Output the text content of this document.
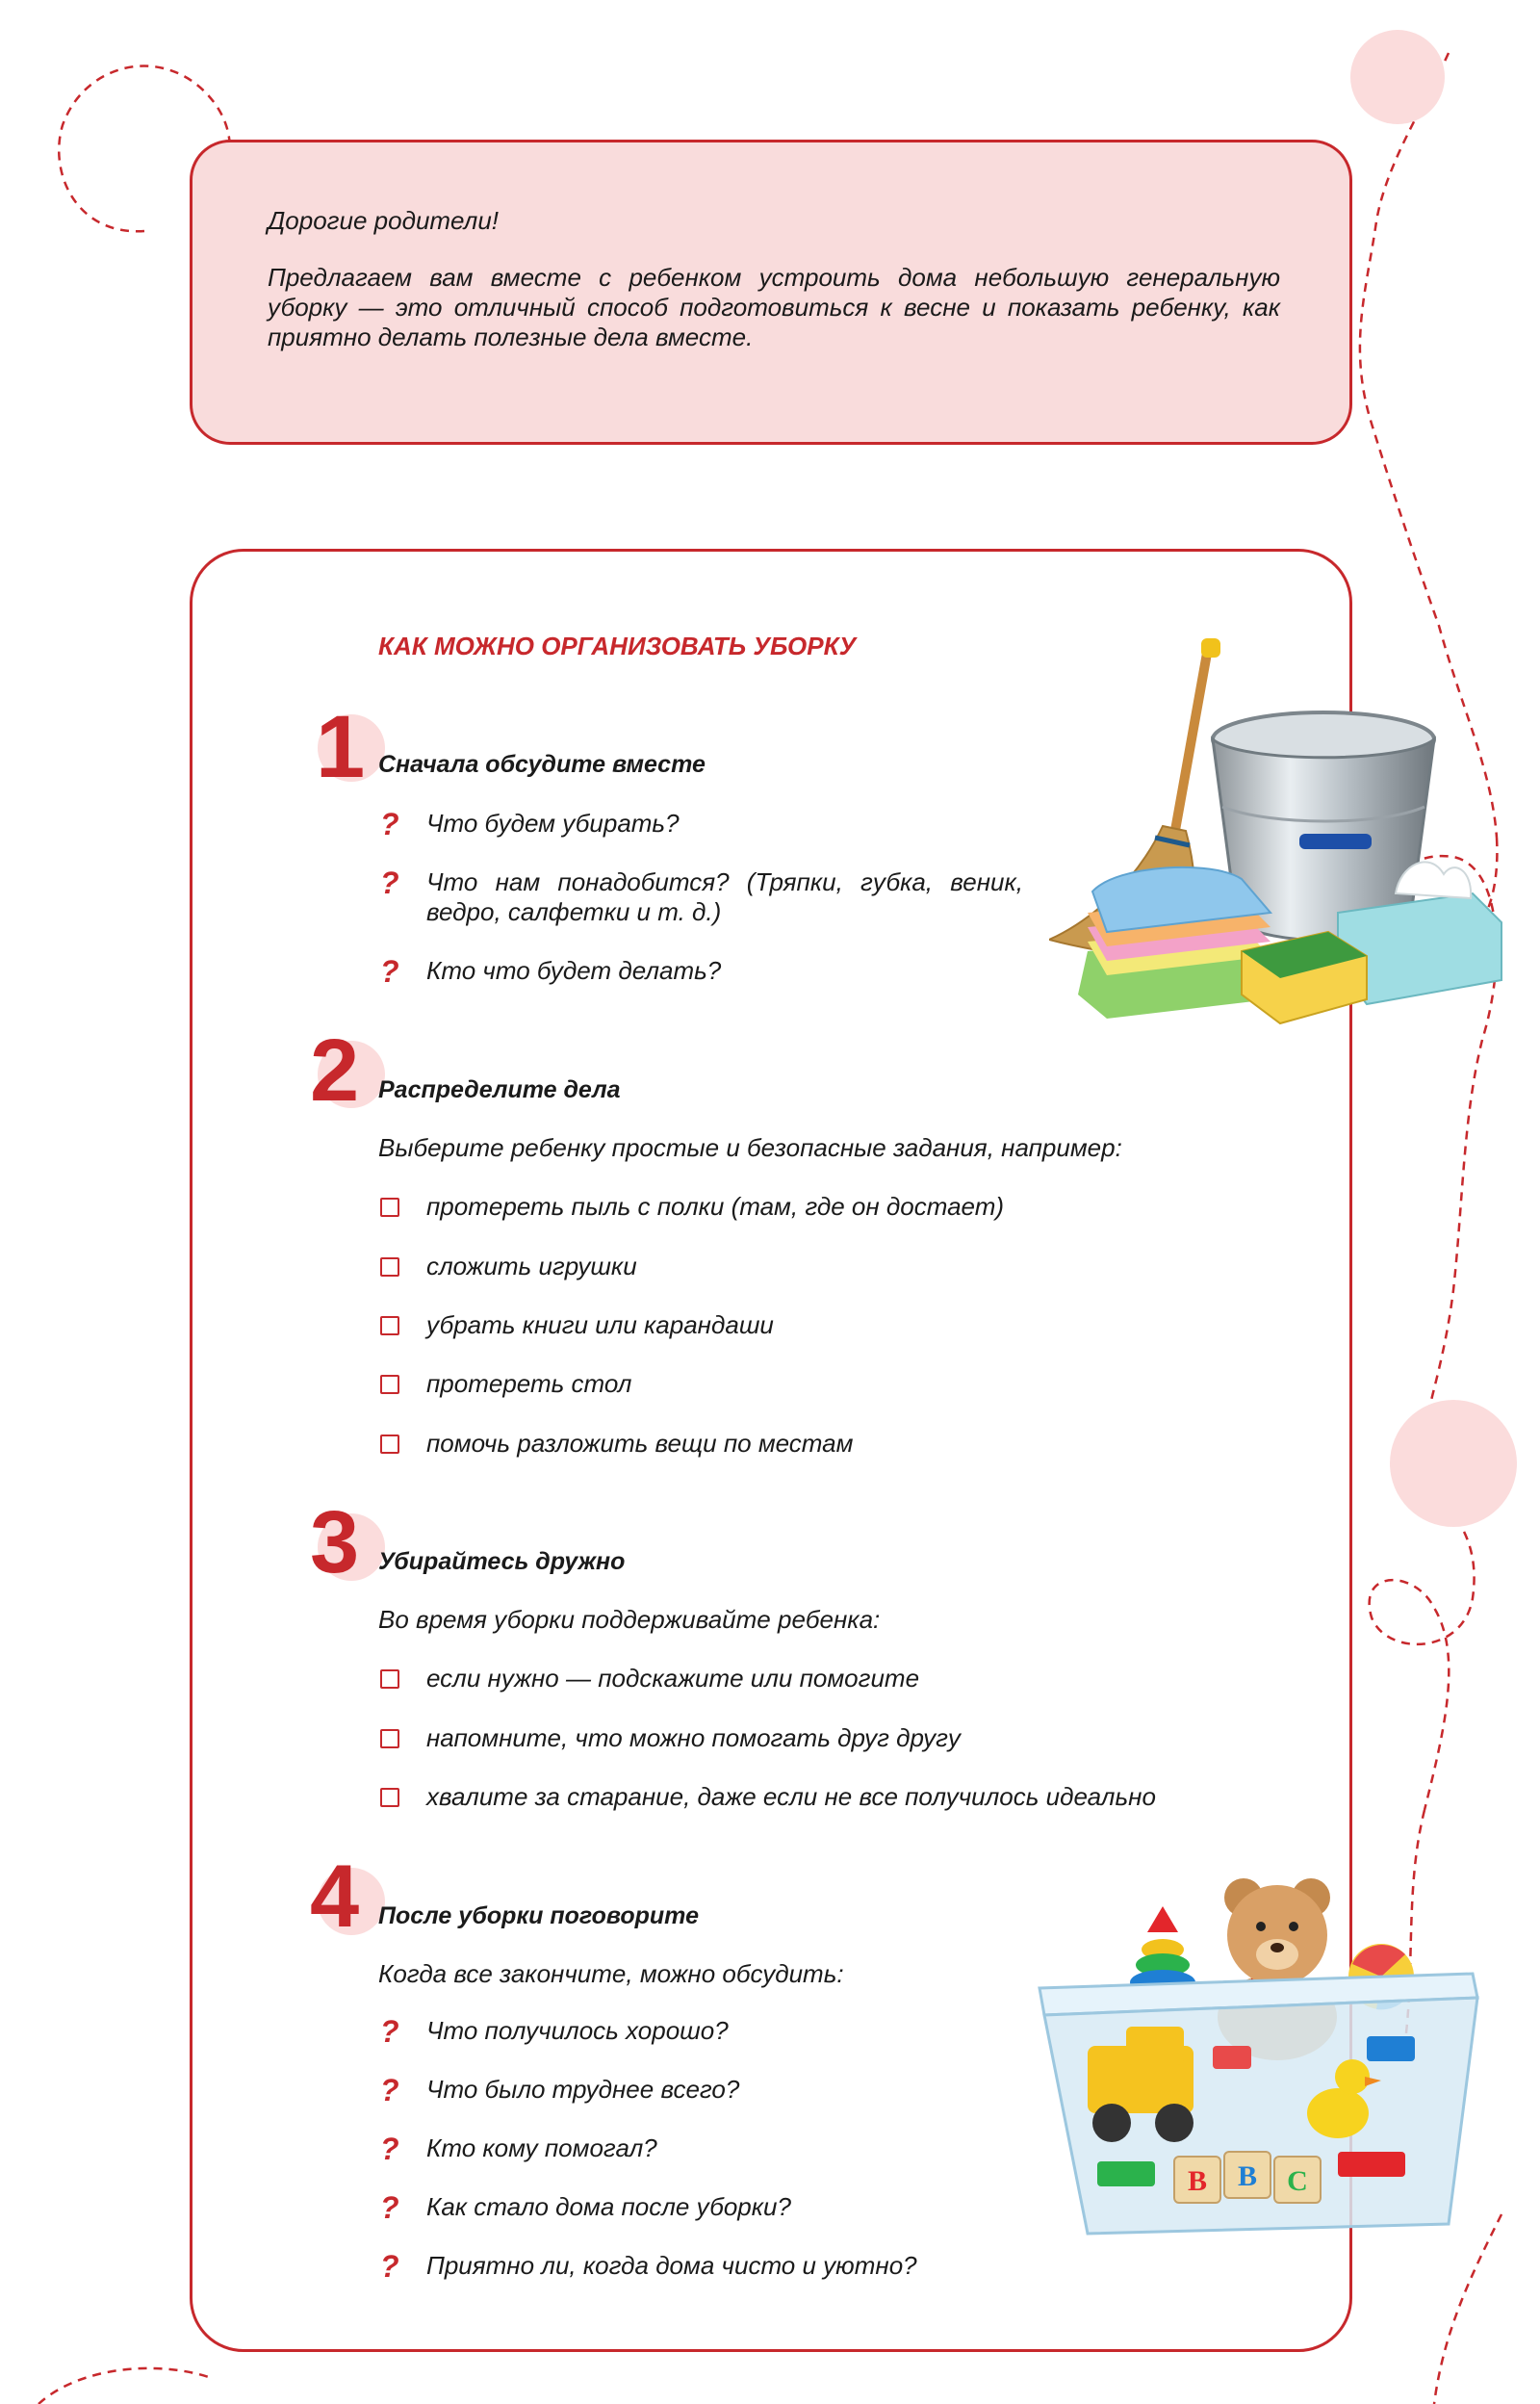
Дорогие родители!
Предлагаем вам вместе с ребенком устроить дома небольшую генеральную уборку — это отличный способ подготовиться к весне и показать ребенку, как приятно делать полезные дела вместе.
КАК МОЖНО ОРГАНИЗОВАТЬ УБОРКУ
1 Сначала обсудите вместе
? Что будем убирать?
? Что нам понадобится? (Тряпки, губка, веник,
ведро, салфетки и т. д.)
? Кто что будет делать?
2 Распределите дела
Выберите ребенку простые и безопасные задания, например:
протереть пыль с полки (там, где он достает)
сложить игрушки
убрать книги или карандаши
протереть стол
помочь разложить вещи по местам
3 Убирайтесь дружно
Во время уборки поддерживайте ребенка:
если нужно — подскажите или помогите
напомните, что можно помогать друг другу
хвалите за старание, даже если не все получилось идеально
4 После уборки поговорите
Когда все закончите, можно обсудить:
? Что получилось хорошо?
? Что было труднее всего?
? Кто кому помогал?
? Как стало дома после уборки?
? Приятно ли, когда дома чисто и уютно?
B B C
